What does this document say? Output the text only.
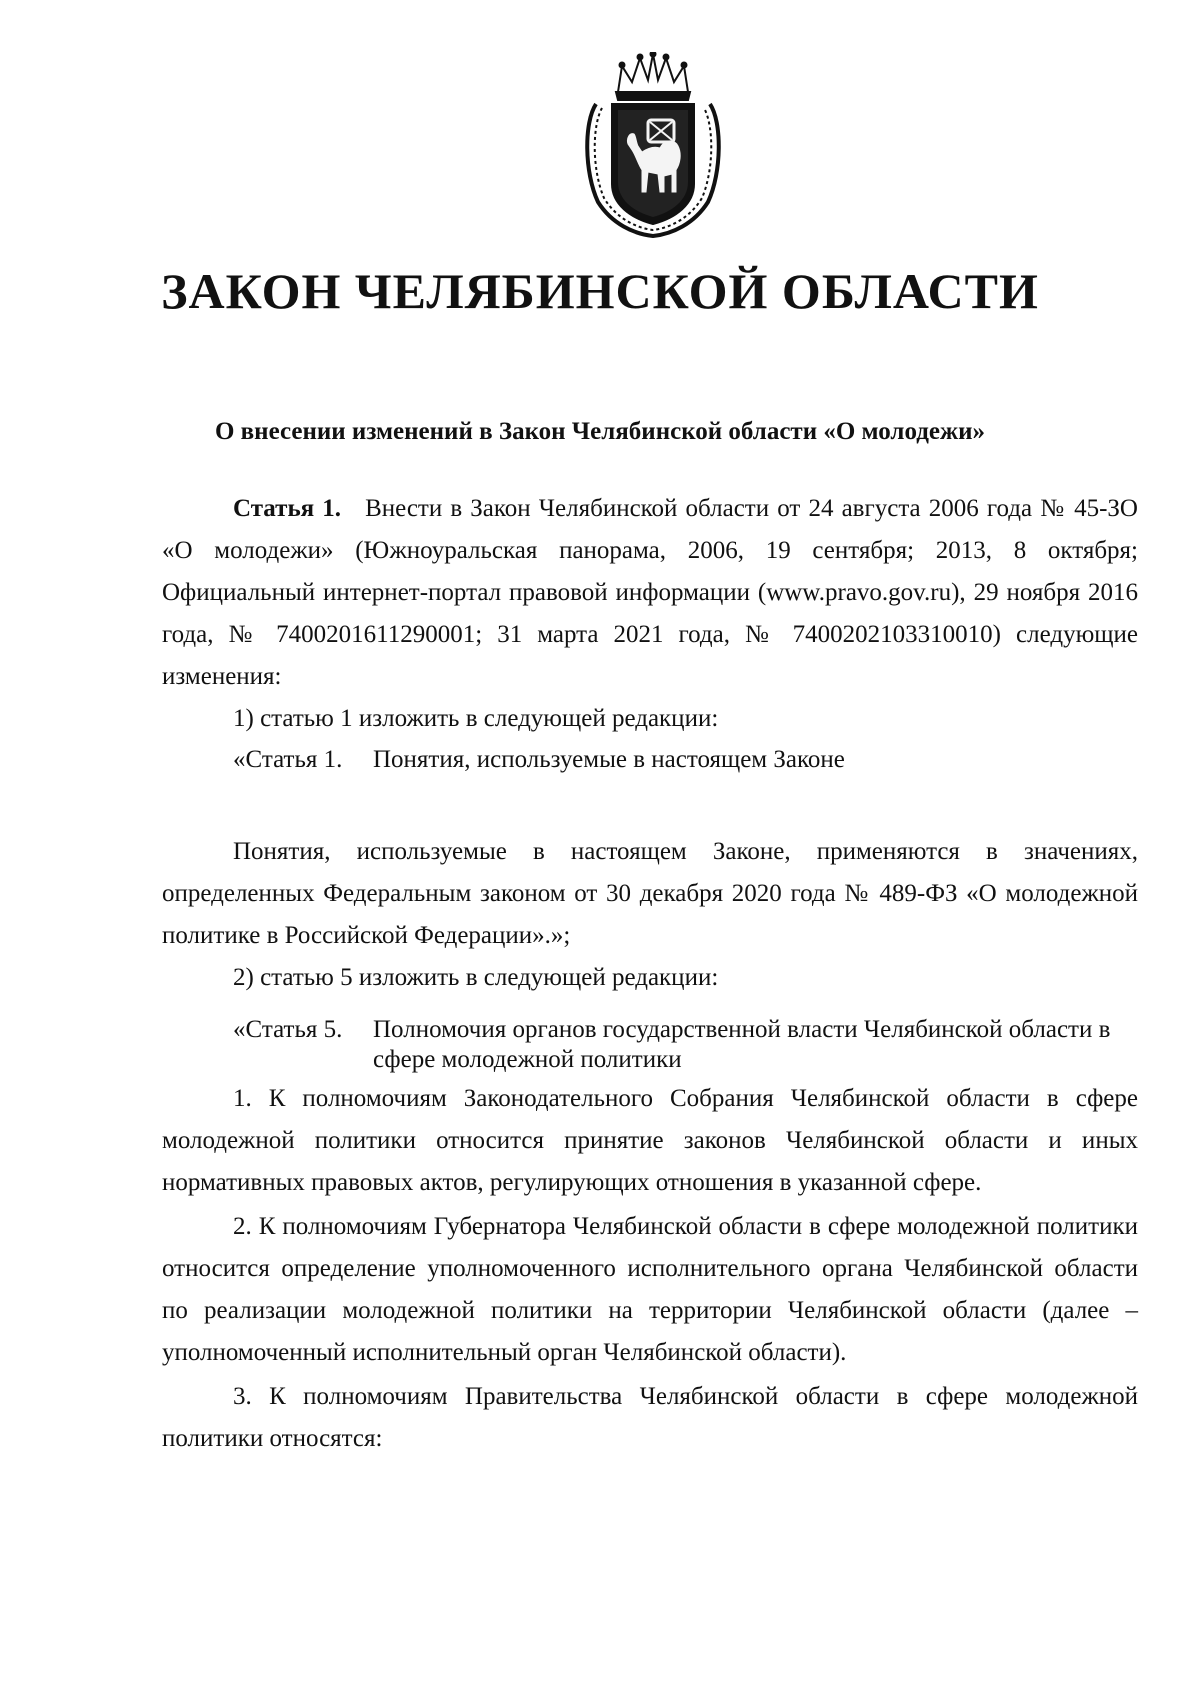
ЗАКОН ЧЕЛЯБИНСКОЙ ОБЛАСТИ
О внесении изменений в Закон Челябинской области «О молодежи»
Статья 1. Внести в Закон Челябинской области от 24 августа 2006 года № 45-ЗО «О молодежи» (Южноуральская панорама, 2006, 19 сентября; 2013, 8 октября; Официальный интернет-портал правовой информации (www.pravo.gov.ru), 29 ноября 2016 года, № 7400201611290001; 31 марта 2021 года, № 7400202103310010) следующие изменения:
1) статью 1 изложить в следующей редакции:
«Статья 1. Понятия, используемые в настоящем Законе
Понятия, используемые в настоящем Законе, применяются в значениях, определенных Федеральным законом от 30 декабря 2020 года № 489-ФЗ «О молодежной политике в Российской Федерации».»;
2) статью 5 изложить в следующей редакции:
«Статья 5. Полномочия органов государственной власти Челябинской области в сфере молодежной политики
1. К полномочиям Законодательного Собрания Челябинской области в сфере молодежной политики относится принятие законов Челябинской области и иных нормативных правовых актов, регулирующих отношения в указанной сфере.
2. К полномочиям Губернатора Челябинской области в сфере молодежной политики относится определение уполномоченного исполнительного органа Челябинской области по реализации молодежной политики на территории Челябинской области (далее – уполномоченный исполнительный орган Челябинской области).
3. К полномочиям Правительства Челябинской области в сфере молодежной политики относятся:
